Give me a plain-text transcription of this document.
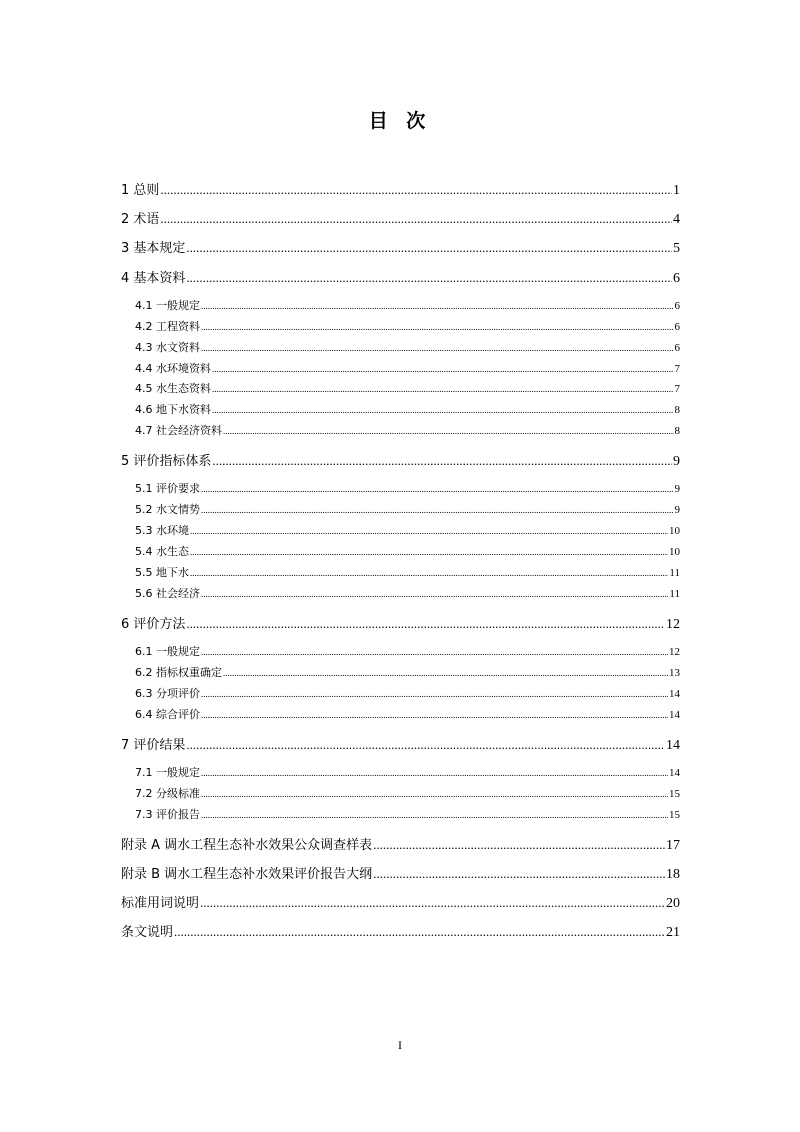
目 次
1 总则 .....	1
2 术语 .....	4
3 基本规定 .....	5
4 基本资料 .....	6
4.1 一般规定 .....	6
4.2 工程资料 .....	6
4.3 水文资料 .....	6
4.4 水环境资料 .....	7
4.5 水生态资料 .....	7
4.6 地下水资料 .....	8
4.7 社会经济资料 .....	8
5 评价指标体系 .....	9
5.1 评价要求 .....	9
5.2 水文情势 .....	9
5.3 水环境 .....	10
5.4 水生态 .....	10
5.5 地下水 .....	11
5.6 社会经济 .....	11
6 评价方法 .....	12
6.1 一般规定 .....	12
6.2 指标权重确定 .....	13
6.3 分项评价 .....	14
6.4 综合评价 .....	14
7 评价结果 .....	14
7.1 一般规定 .....	14
7.2 分级标准 .....	15
7.3 评价报告 .....	15
附录 A 调水工程生态补水效果公众调查样表 .....	17
附录 B 调水工程生态补水效果评价报告大纲 .....	18
标准用词说明 .....	20
条文说明 .....	21
I
